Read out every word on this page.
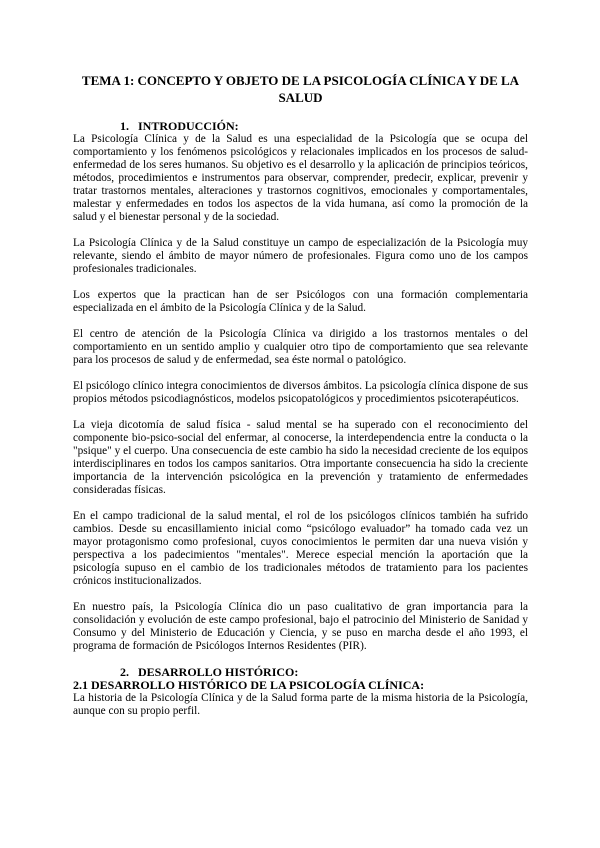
TEMA 1: CONCEPTO Y OBJETO DE LA PSICOLOGÍA CLÍNICA Y DE LA SALUD
1. INTRODUCCIÓN:

La Psicología Clínica y de la Salud es una especialidad de la Psicología que se ocupa del comportamiento y los fenómenos psicológicos y relacionales implicados en los procesos de salud-enfermedad de los seres humanos. Su objetivo es el desarrollo y la aplicación de principios teóricos, métodos, procedimientos e instrumentos para observar, comprender, predecir, explicar, prevenir y tratar trastornos mentales, alteraciones y trastornos cognitivos, emocionales y comportamentales, malestar y enfermedades en todos los aspectos de la vida humana, así como la promoción de la salud y el bienestar personal y de la sociedad.

La Psicología Clínica y de la Salud constituye un campo de especialización de la Psicología muy relevante, siendo el ámbito de mayor número de profesionales. Figura como uno de los campos profesionales tradicionales.

Los expertos que la practican han de ser Psicólogos con una formación complementaria especializada en el ámbito de la Psicología Clínica y de la Salud.

El centro de atención de la Psicología Clínica va dirigido a los trastornos mentales o del comportamiento en un sentido amplio y cualquier otro tipo de comportamiento que sea relevante para los procesos de salud y de enfermedad, sea éste normal o patológico.

El psicólogo clínico integra conocimientos de diversos ámbitos. La psicología clínica dispone de sus propios métodos psicodiagnósticos, modelos psicopatológicos y procedimientos psicoterapéuticos.

La vieja dicotomía de salud física - salud mental se ha superado con el reconocimiento del componente bio-psico-social del enfermar, al conocerse, la interdependencia entre la conducta o la "psique" y el cuerpo. Una consecuencia de este cambio ha sido la necesidad creciente de los equipos interdisciplinares en todos los campos sanitarios. Otra importante consecuencia ha sido la creciente importancia de la intervención psicológica en la prevención y tratamiento de enfermedades consideradas físicas.

En el campo tradicional de la salud mental, el rol de los psicólogos clínicos también ha sufrido cambios. Desde su encasillamiento inicial como “psicólogo evaluador” ha tomado cada vez un mayor protagonismo como profesional, cuyos conocimientos le permiten dar una nueva visión y perspectiva a los padecimientos "mentales". Merece especial mención la aportación que la psicología supuso en el cambio de los tradicionales métodos de tratamiento para los pacientes crónicos institucionalizados.

En nuestro país, la Psicología Clínica dio un paso cualitativo de gran importancia para la consolidación y evolución de este campo profesional, bajo el patrocinio del Ministerio de Sanidad y Consumo y del Ministerio de Educación y Ciencia, y se puso en marcha desde el año 1993, el programa de formación de Psicólogos Internos Residentes (PIR).

2. DESARROLLO HISTÓRICO:
2.1 DESARROLLO HISTÓRICO DE LA PSICOLOGÍA CLÍNICA:

La historia de la Psicología Clínica y de la Salud forma parte de la misma historia de la Psicología, aunque con su propio perfil.
